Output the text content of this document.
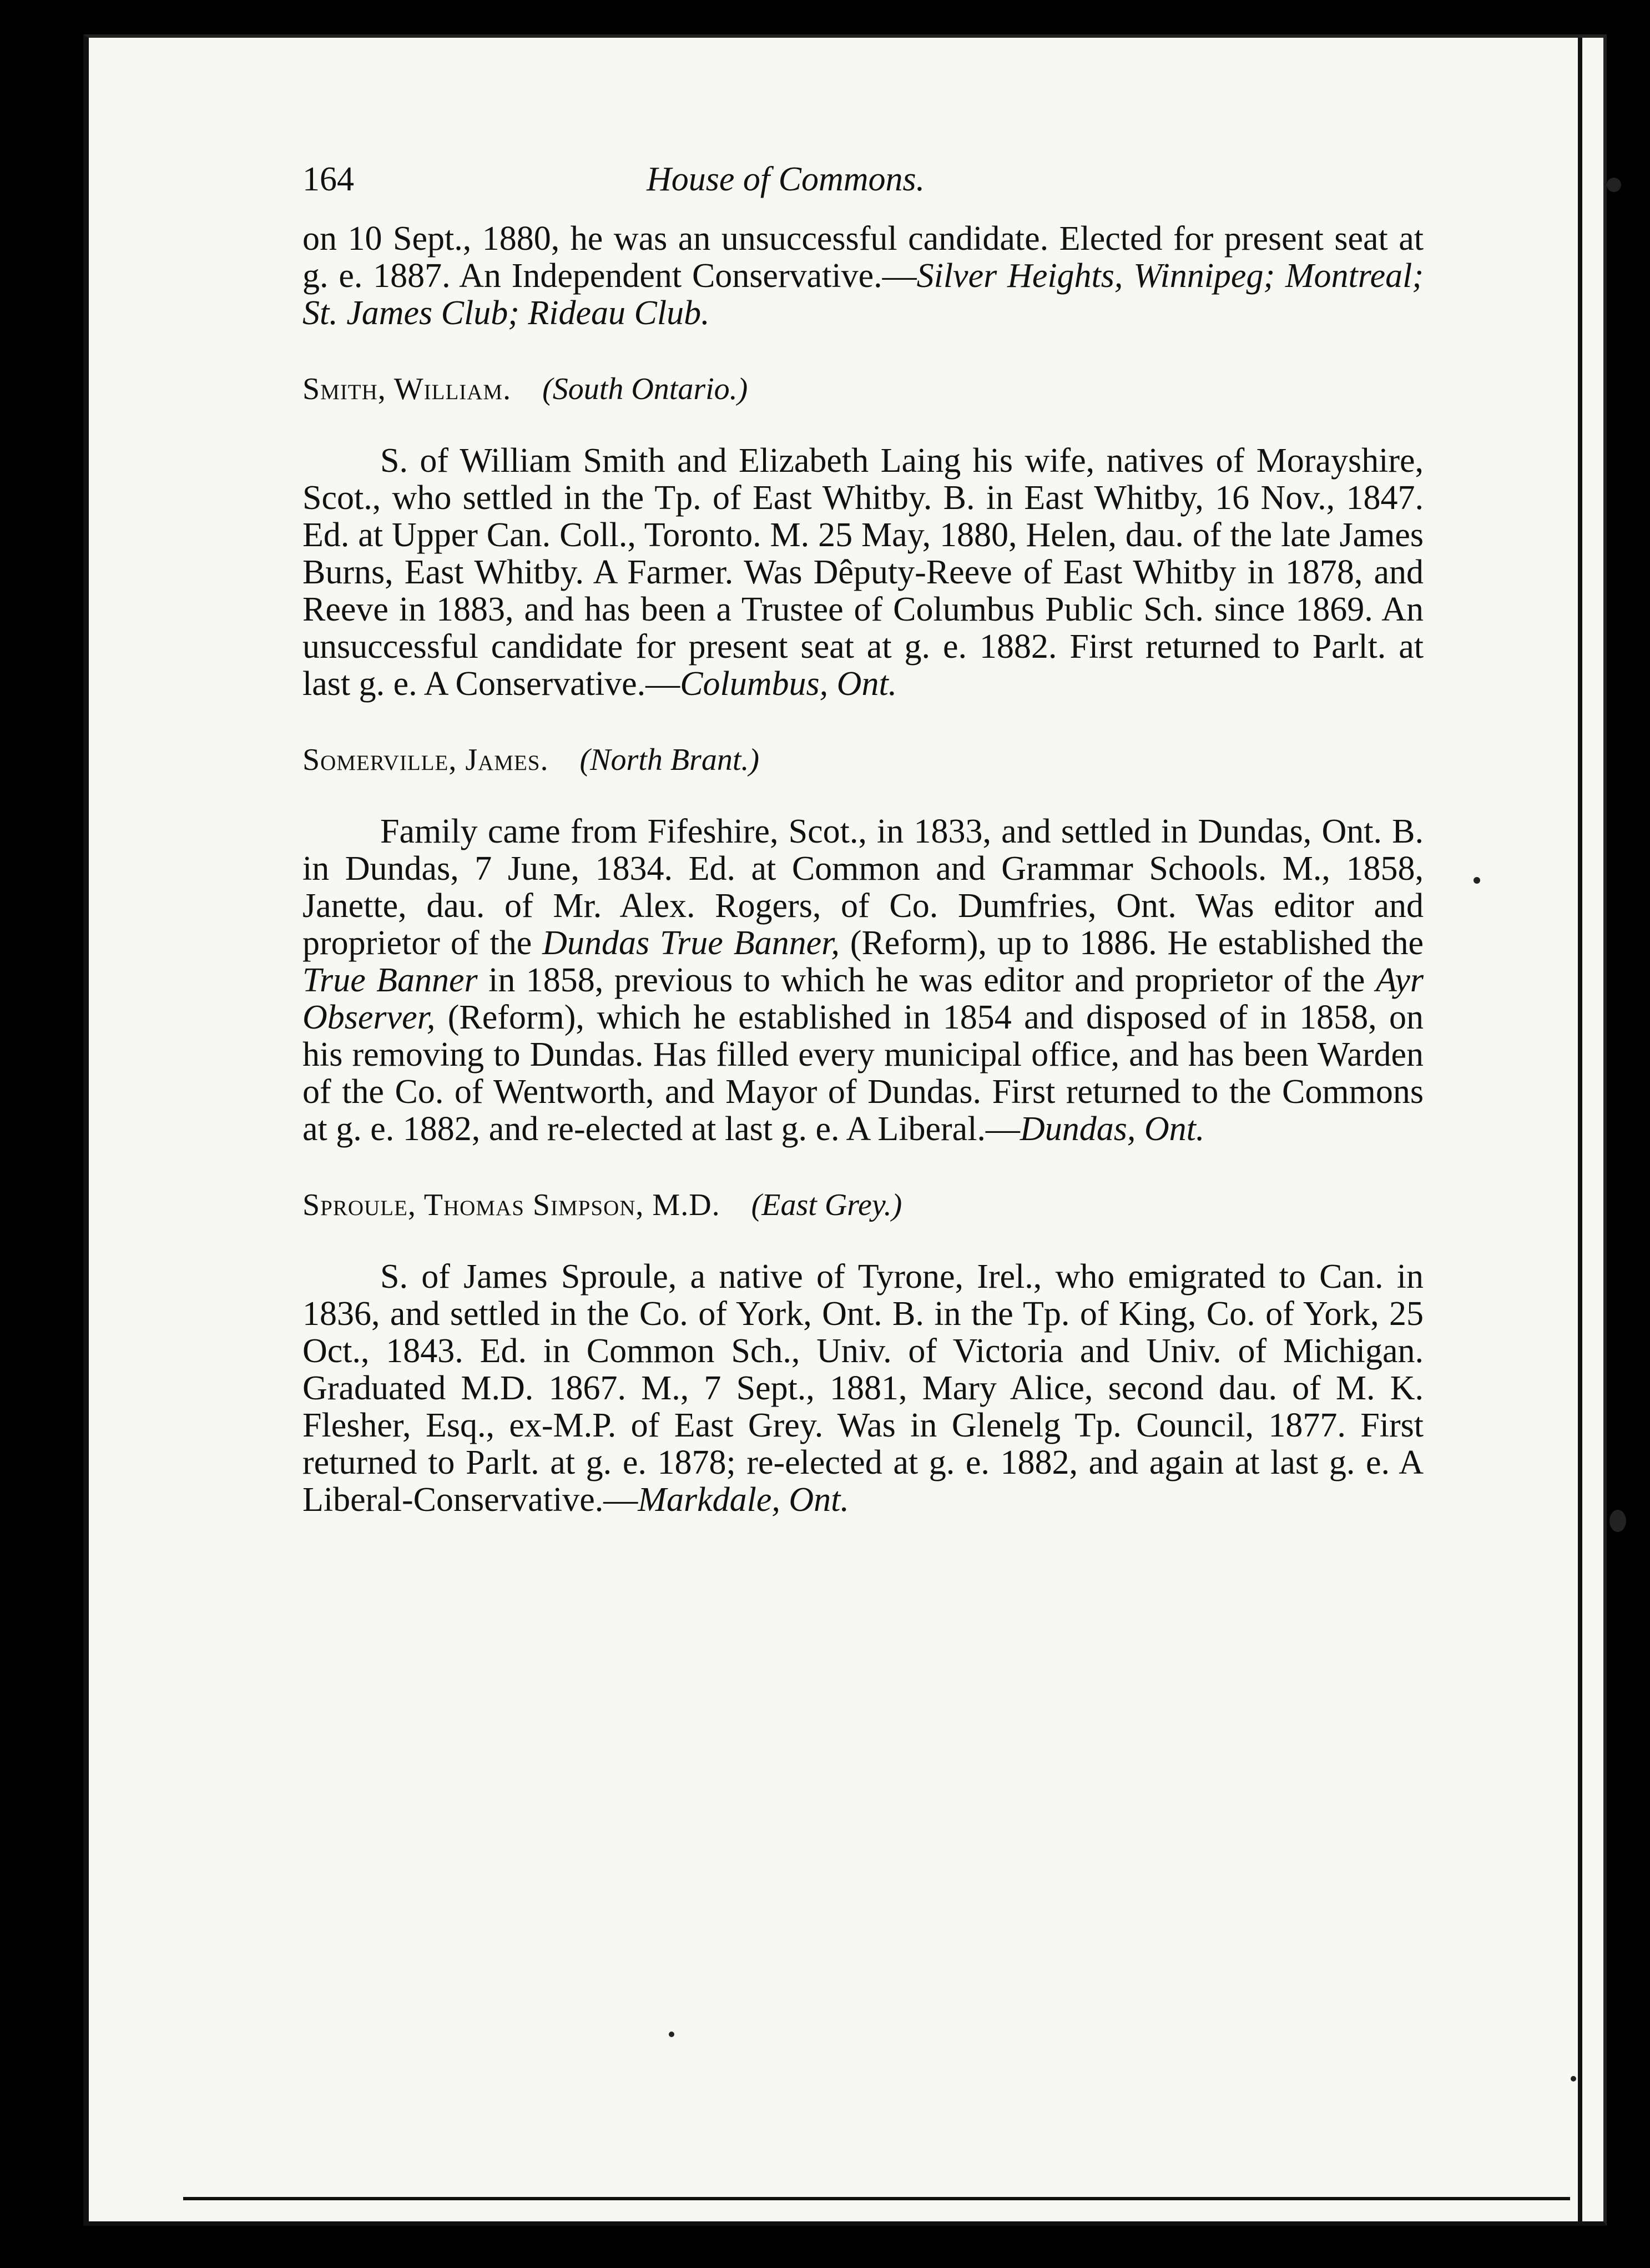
164	House of Commons.

on 10 Sept., 1880, he was an unsuccessful candidate. Elected for present seat at g. e. 1887. An Independent Conservative.—Silver Heights, Winnipeg; Montreal; St. James Club; Rideau Club.

Smith, William. (South Ontario.)

S. of William Smith and Elizabeth Laing his wife, natives of Morayshire, Scot., who settled in the Tp. of East Whitby. B. in East Whitby, 16 Nov., 1847. Ed. at Upper Can. Coll., Toronto. M. 25 May, 1880, Helen, dau. of the late James Burns, East Whitby. A Farmer. Was Dêputy-Reeve of East Whitby in 1878, and Reeve in 1883, and has been a Trustee of Columbus Public Sch. since 1869. An unsuccessful candidate for present seat at g. e. 1882. First returned to Parlt. at last g. e. A Conservative.—Columbus, Ont.

Somerville, James. (North Brant.)

Family came from Fifeshire, Scot., in 1833, and settled in Dundas, Ont. B. in Dundas, 7 June, 1834. Ed. at Common and Grammar Schools. M., 1858, Janette, dau. of Mr. Alex. Rogers, of Co. Dumfries, Ont. Was editor and proprietor of the Dundas True Banner, (Reform), up to 1886. He established the True Banner in 1858, previous to which he was editor and proprietor of the Ayr Observer, (Reform), which he established in 1854 and disposed of in 1858, on his removing to Dundas. Has filled every municipal office, and has been Warden of the Co. of Wentworth, and Mayor of Dundas. First returned to the Commons at g. e. 1882, and re-elected at last g. e. A Liberal.—Dundas, Ont.

Sproule, Thomas Simpson, M.D. (East Grey.)

S. of James Sproule, a native of Tyrone, Irel., who emigrated to Can. in 1836, and settled in the Co. of York, Ont. B. in the Tp. of King, Co. of York, 25 Oct., 1843. Ed. in Common Sch., Univ. of Victoria and Univ. of Michigan. Graduated M.D. 1867. M., 7 Sept., 1881, Mary Alice, second dau. of M. K. Flesher, Esq., ex-M.P. of East Grey. Was in Glenelg Tp. Council, 1877. First returned to Parlt. at g. e. 1878; re-elected at g. e. 1882, and again at last g. e. A Liberal-Conservative.—Markdale, Ont.
